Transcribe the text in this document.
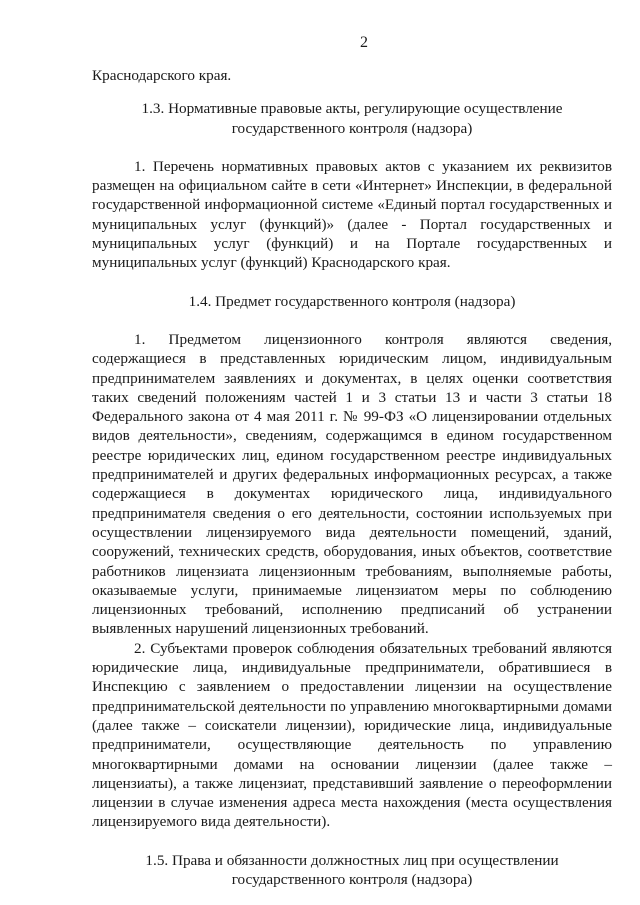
2

Краснодарского края.

1.3. Нормативные правовые акты, регулирующие осуществление

государственного контроля (надзора)

1. Перечень нормативных правовых актов с указанием их реквизитов размещен на официальном сайте в сети «Интернет» Инспекции, в федеральной государственной информационной системе «Единый портал государственных и муниципальных услуг (функций)» (далее - Портал государственных и муниципальных услуг (функций) и на Портале государственных и муниципальных услуг (функций) Краснодарского края.

1.4. Предмет государственного контроля (надзора)

1. Предметом лицензионного контроля являются сведения, содержащиеся в представленных юридическим лицом, индивидуальным предпринимателем заявлениях и документах, в целях оценки соответствия таких сведений положениям частей 1 и 3 статьи 13 и части 3 статьи 18 Федерального закона от 4 мая 2011 г. № 99-ФЗ «О лицензировании отдельных видов деятельности», сведениям, содержащимся в едином государственном реестре юридических лиц, едином государственном реестре индивидуальных предпринимателей и других федеральных информационных ресурсах, а также содержащиеся в документах юридического лица, индивидуального предпринимателя сведения о его деятельности, состоянии используемых при осуществлении лицензируемого вида деятельности помещений, зданий, сооружений, технических средств, оборудования, иных объектов, соответствие работников лицензиата лицензионным требованиям, выполняемые работы, оказываемые услуги, принимаемые лицензиатом меры по соблюдению лицензионных требований, исполнению предписаний об устранении выявленных нарушений лицензионных требований.

2. Субъектами проверок соблюдения обязательных требований являются юридические лица, индивидуальные предприниматели, обратившиеся в Инспекцию с заявлением о предоставлении лицензии на осуществление предпринимательской деятельности по управлению многоквартирными домами (далее также – соискатели лицензии), юридические лица, индивидуальные предприниматели, осуществляющие деятельность по управлению многоквартирными домами на основании лицензии (далее также – лицензиаты), а также лицензиат, представивший заявление о переоформлении лицензии в случае изменения адреса места нахождения (места осуществления лицензируемого вида деятельности).

1.5. Права и обязанности должностных лиц при осуществлении

государственного контроля (надзора)
